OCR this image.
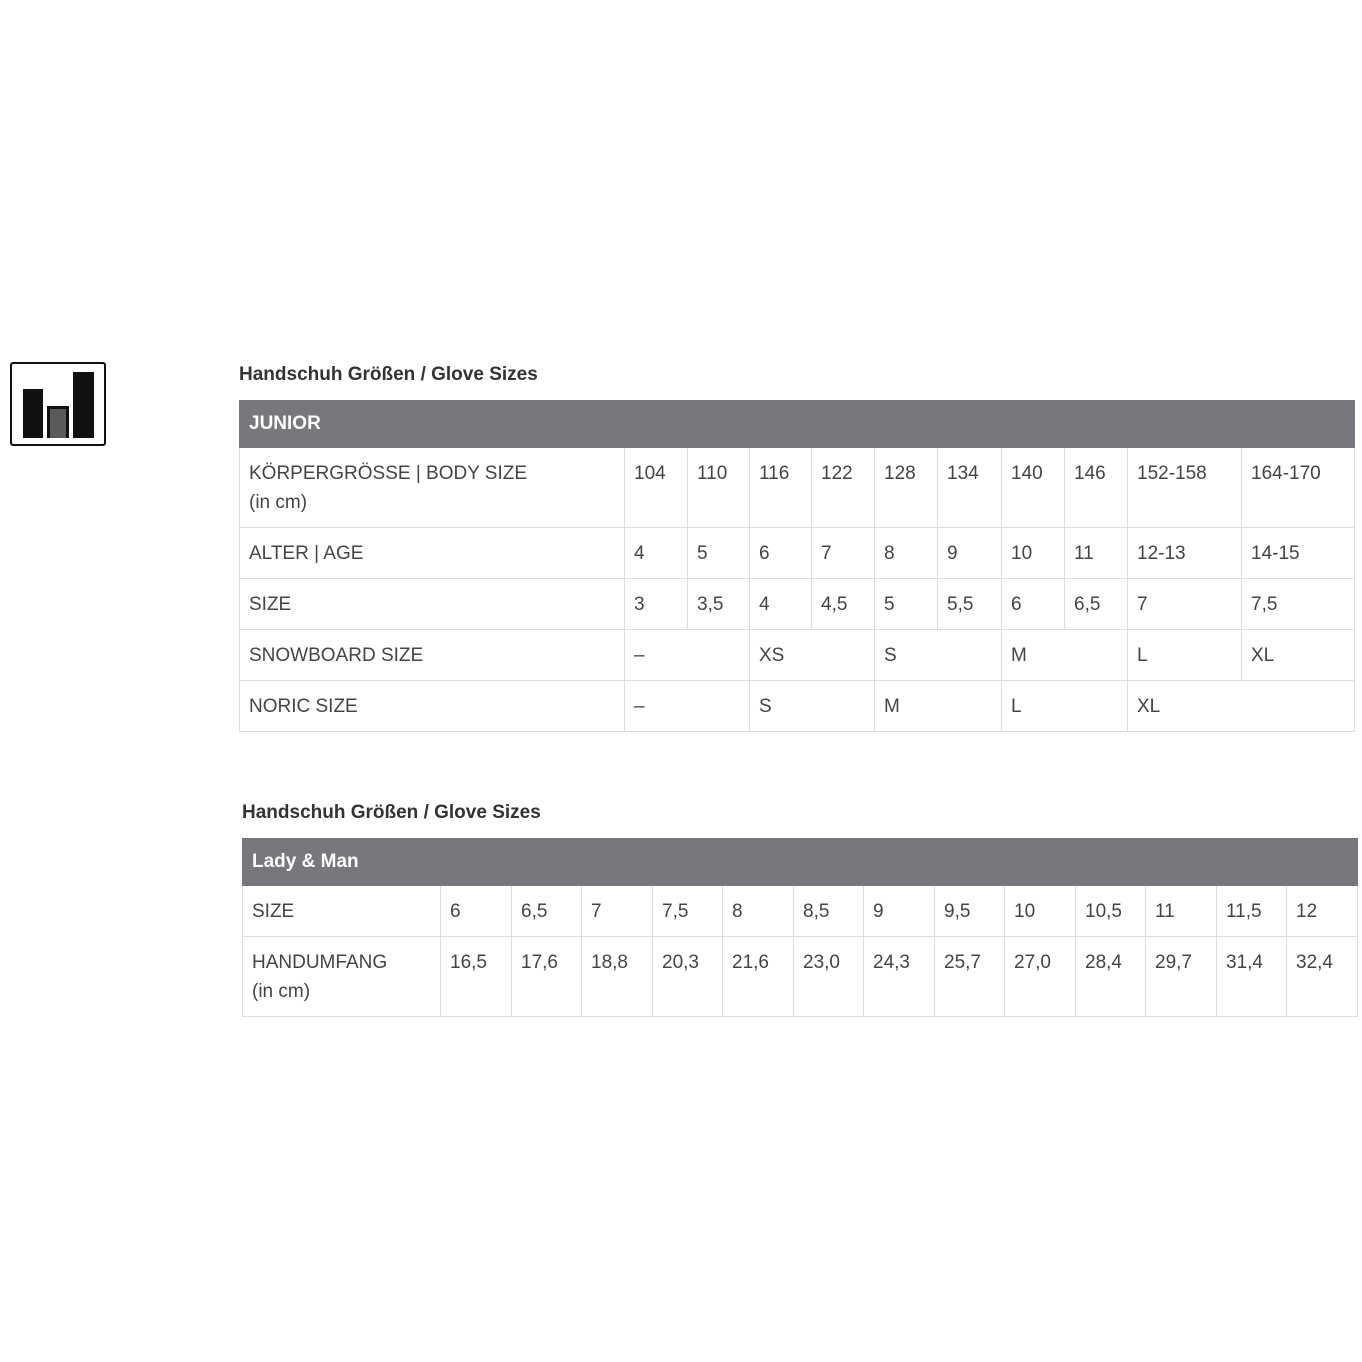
Handschuh Größen / Glove Sizes
JUNIOR										
KÖRPERGRÖSSE | BODY SIZE
(in cm)	104	110	116	122	128	134	140	146	152-158	164-170
ALTER | AGE	4	5	6	7	8	9	10	11	12-13	14-15
SIZE	3	3,5	4	4,5	5	5,5	6	6,5	7	7,5
SNOWBOARD SIZE	–		XS		S		M		L	XL
NORIC SIZE	–		S		M		L		XL	
Handschuh Größen / Glove Sizes
Lady & Man													
SIZE	6	6,5	7	7,5	8	8,5	9	9,5	10	10,5	11	11,5	12
HANDUMFANG
(in cm)	16,5	17,6	18,8	20,3	21,6	23,0	24,3	25,7	27,0	28,4	29,7	31,4	32,4
